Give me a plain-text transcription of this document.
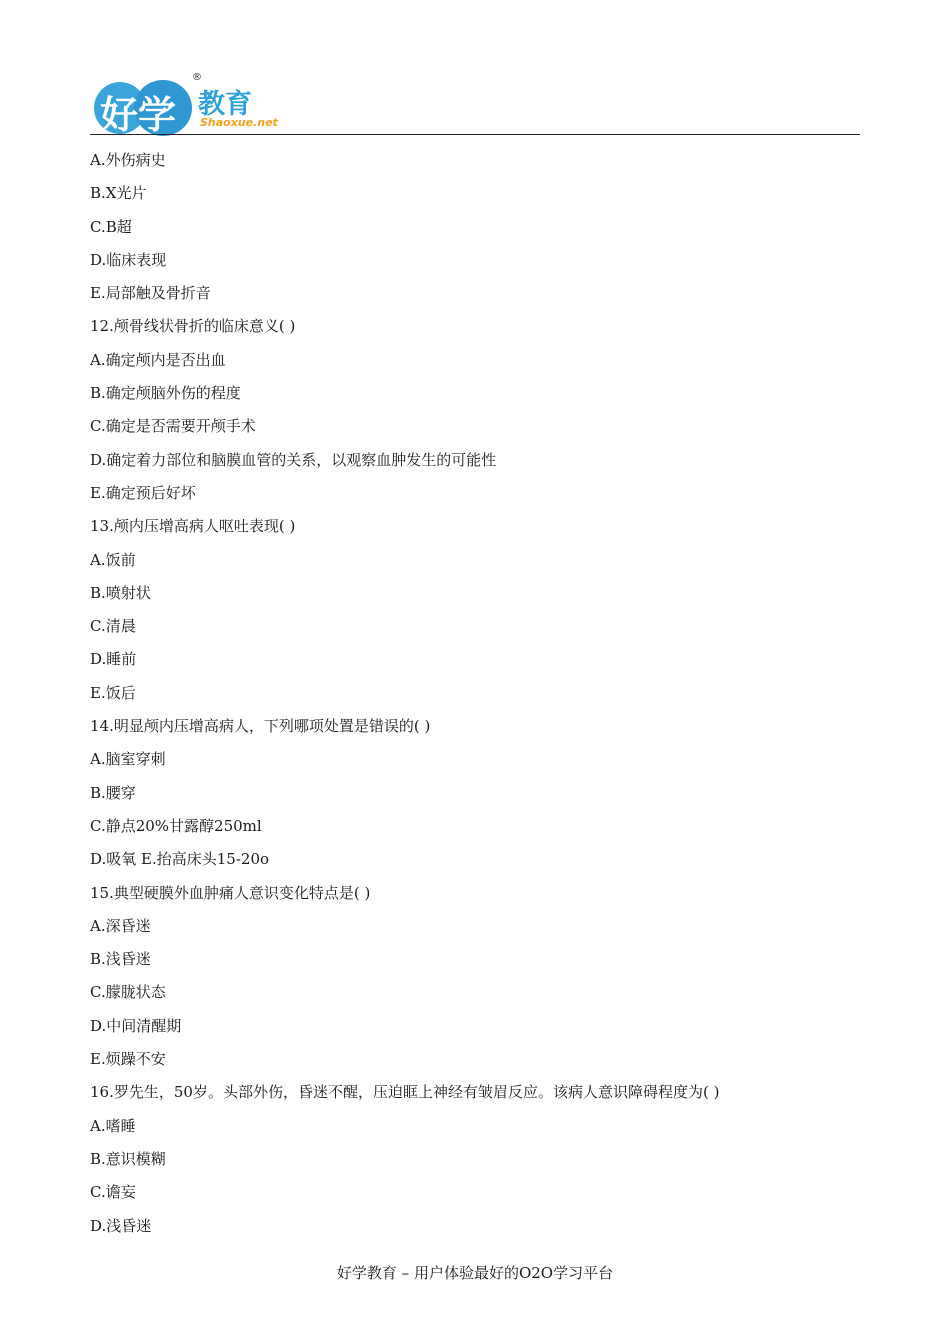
好学
®
教育
Shaoxue.net
A.外伤病史
B.X光片
C.B超
D.临床表现
E.局部触及骨折音
12.颅骨线状骨折的临床意义( )
A.确定颅内是否出血
B.确定颅脑外伤的程度
C.确定是否需要开颅手术
D.确定着力部位和脑膜血管的关系，以观察血肿发生的可能性
E.确定预后好坏
13.颅内压增高病人呕吐表现( )
A.饭前
B.喷射状
C.清晨
D.睡前
E.饭后
14.明显颅内压增高病人，下列哪项处置是错误的( )
A.脑室穿刺
B.腰穿
C.静点20%甘露醇250ml
D.吸氧 E.抬高床头15-20o
15.典型硬膜外血肿痛人意识变化特点是( )
A.深昏迷
B.浅昏迷
C.朦胧状态
D.中间清醒期
E.烦躁不安
16.罗先生，50岁。头部外伤，昏迷不醒，压迫眶上神经有皱眉反应。该病人意识障碍程度为( )
A.嗜睡
B.意识模糊
C.谵妄
D.浅昏迷
好学教育 – 用户体验最好的O2O学习平台
